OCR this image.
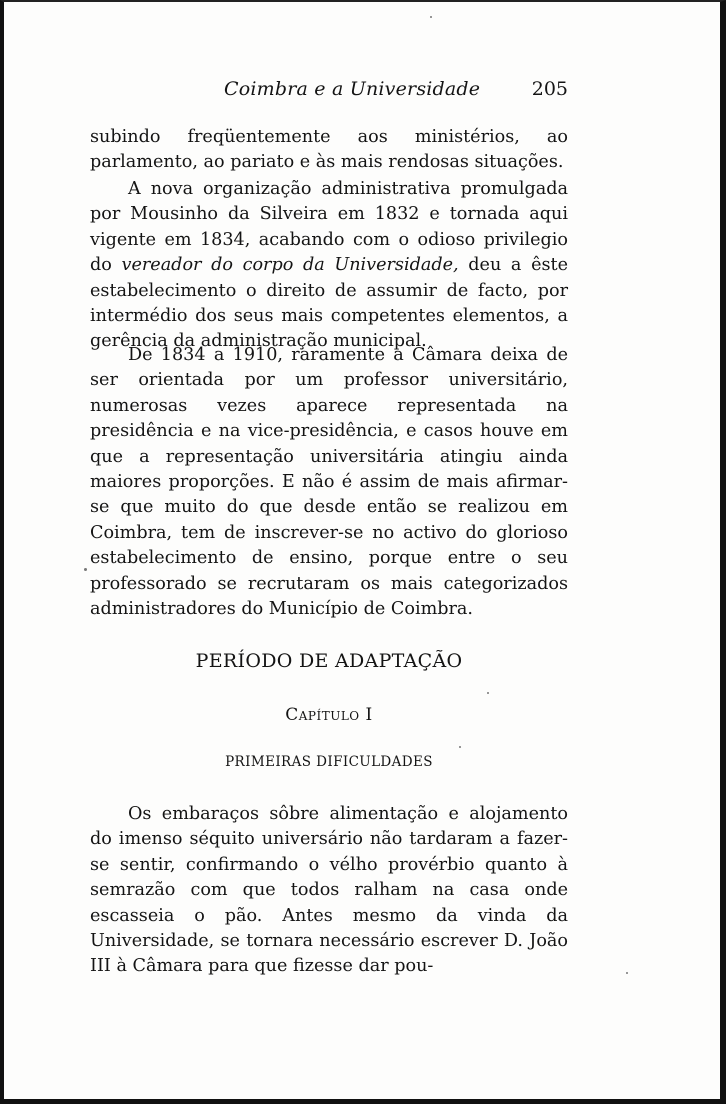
Coimbra e a Universidade	205

subindo freqüentemente aos ministérios, ao parlamento, ao pariato e às mais rendosas situações.

A nova organização administrativa promulgada por Mousinho da Silveira em 1832 e tornada aqui vigente em 1834, acabando com o odioso privilegio do vereador do corpo da Universidade, deu a êste estabelecimento o direito de assumir de facto, por intermédio dos seus mais competentes elementos, a gerência da administração municipal.

De 1834 a 1910, raramente a Câmara deixa de ser orientada por um professor universitário, numerosas vezes aparece representada na presidência e na vice-presidência, e casos houve em que a representação universitária atingiu ainda maiores proporções. E não é assim de mais afirmar-se que muito do que desde então se realizou em Coimbra, tem de inscrever-se no activo do glorioso estabelecimento de ensino, porque entre o seu professorado se recrutaram os mais categorizados administradores do Município de Coimbra.

PERÍODO DE ADAPTAÇÃO
Capítulo I
PRIMEIRAS DIFICULDADES

Os embaraços sôbre alimentação e alojamento do imenso séquito universário não tardaram a fazer-se sentir, confirmando o vélho provérbio quanto à semrazão com que todos ralham na casa onde escasseia o pão. Antes mesmo da vinda da Universidade, se tornara necessário escrever D. João III à Câmara para que fizesse dar pou-
